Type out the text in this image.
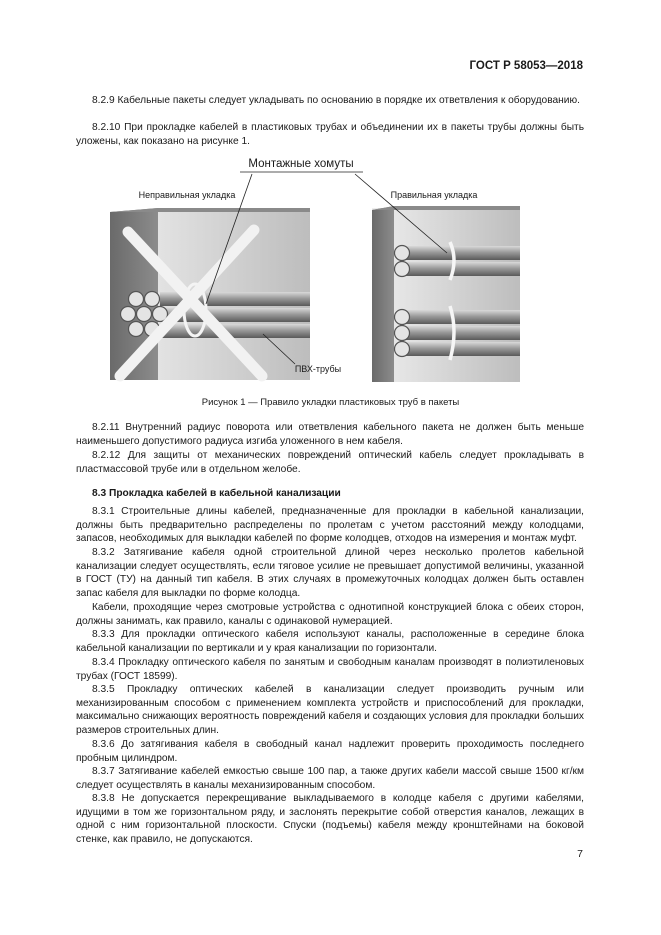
ГОСТ Р 58053—2018

8.2.9 Кабельные пакеты следует укладывать по основанию в порядке их ответвления к оборудованию.

8.2.10 При прокладке кабелей в пластиковых трубах и объединении их в пакеты трубы должны быть уложены, как показано на рисунке 1.

Монтажные хомуты
Неправильная укладка	Правильная укладка
ПВХ-трубы
Рисунок 1 — Правило укладки пластиковых труб в пакеты

8.2.11 Внутренний радиус поворота или ответвления кабельного пакета не должен быть меньше наименьшего допустимого радиуса изгиба уложенного в нем кабеля.

8.2.12 Для защиты от механических повреждений оптический кабель следует прокладывать в пластмассовой трубе или в отдельном желобе.

8.3 Прокладка кабелей в кабельной канализации

8.3.1 Строительные длины кабелей, предназначенные для прокладки в кабельной канализации, должны быть предварительно распределены по пролетам с учетом расстояний между колодцами, запасов, необходимых для выкладки кабелей по форме колодцев, отходов на измерения и монтаж муфт.

8.3.2 Затягивание кабеля одной строительной длиной через несколько пролетов кабельной канализации следует осуществлять, если тяговое усилие не превышает допустимой величины, указанной в ГОСТ (ТУ) на данный тип кабеля. В этих случаях в промежуточных колодцах должен быть оставлен запас кабеля для выкладки по форме колодца.

Кабели, проходящие через смотровые устройства с однотипной конструкцией блока с обеих сторон, должны занимать, как правило, каналы с одинаковой нумерацией.

8.3.3 Для прокладки оптического кабеля используют каналы, расположенные в середине блока кабельной канализации по вертикали и у края канализации по горизонтали.

8.3.4 Прокладку оптического кабеля по занятым и свободным каналам производят в полиэтиленовых трубах (ГОСТ 18599).

8.3.5 Прокладку оптических кабелей в канализации следует производить ручным или механизированным способом с применением комплекта устройств и приспособлений для прокладки, максимально снижающих вероятность повреждений кабеля и создающих условия для прокладки больших размеров строительных длин.

8.3.6 До затягивания кабеля в свободный канал надлежит проверить проходимость последнего пробным цилиндром.

8.3.7 Затягивание кабелей емкостью свыше 100 пар, а также других кабели массой свыше 1500 кг/км следует осуществлять в каналы механизированным способом.

8.3.8 Не допускается перекрещивание выкладываемого в колодце кабеля с другими кабелями, идущими в том же горизонтальном ряду, и заслонять перекрытие собой отверстия каналов, лежащих в одной с ним горизонтальной плоскости. Спуски (подъемы) кабеля между кронштейнами на боковой стенке, как правило, не допускаются.

7
